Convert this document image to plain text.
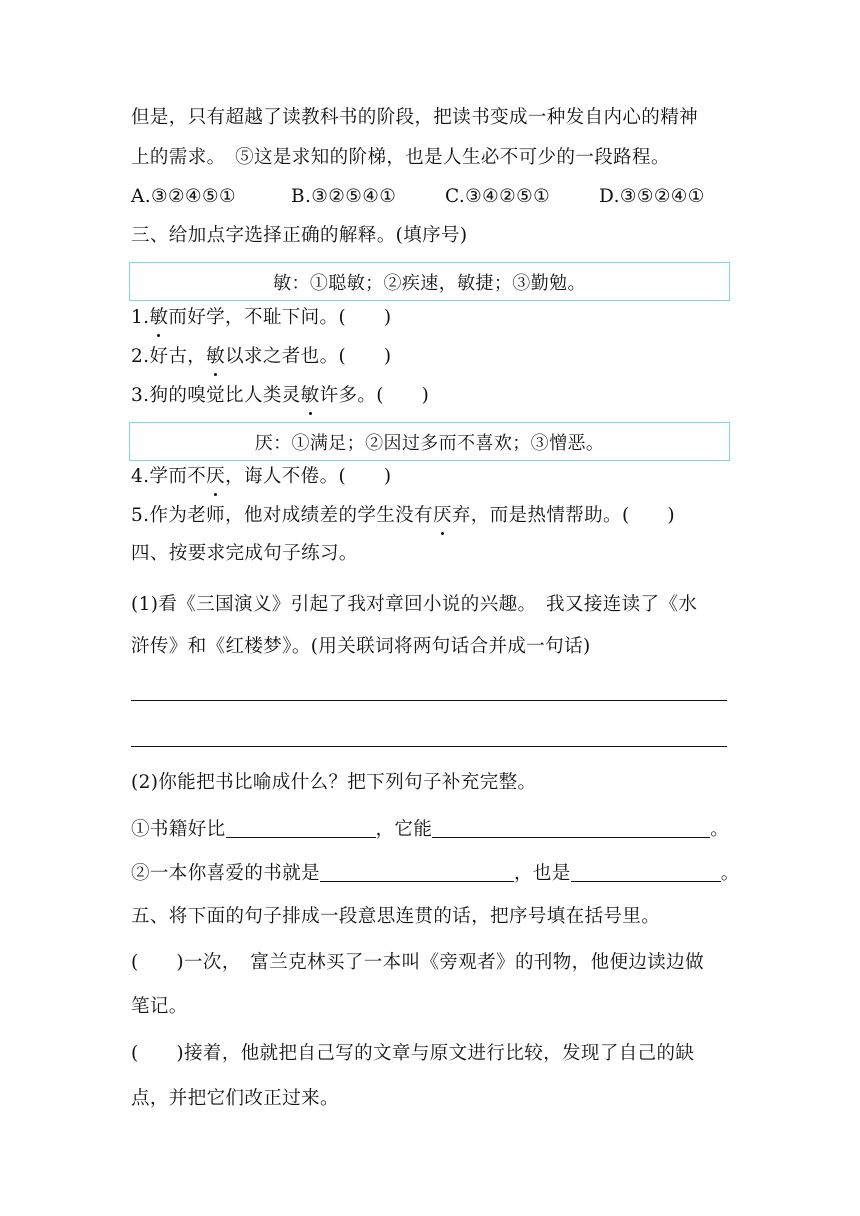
但是，只有超越了读教科书的阶段，把读书变成一种发自内心的精神
上的需求。　⑤这是求知的阶梯，也是人生必不可少的一段路程。
A.③②④⑤①	B.③②⑤④①	C.③④②⑤①	D.③⑤②④①
三、给加点字选择正确的解释。(填序号)
敏：①聪敏；②疾速，敏捷；③勤勉。
1.敏而好学，不耻下问。(　　)
2.好古，敏以求之者也。(　　)
3.狗的嗅觉比人类灵敏许多。(　　)
厌：①满足；②因过多而不喜欢；③憎恶。
4.学而不厌，诲人不倦。(　　)
5.作为老师，他对成绩差的学生没有厌弃，而是热情帮助。(　　)
四、按要求完成句子练习。
(1)看《三国演义》引起了我对章回小说的兴趣。　我又接连读了《水
浒传》和《红楼梦》。(用关联词将两句话合并成一句话)
(2)你能把书比喻成什么？把下列句子补充完整。
①书籍好比	，它能	。
②一本你喜爱的书就是	，也是	。
五、将下面的句子排成一段意思连贯的话，把序号填在括号里。
(　　)一次，　富兰克林买了一本叫《旁观者》的刊物，他便边读边做
笔记。
(　　)接着，他就把自己写的文章与原文进行比较，发现了自己的缺
点，并把它们改正过来。
